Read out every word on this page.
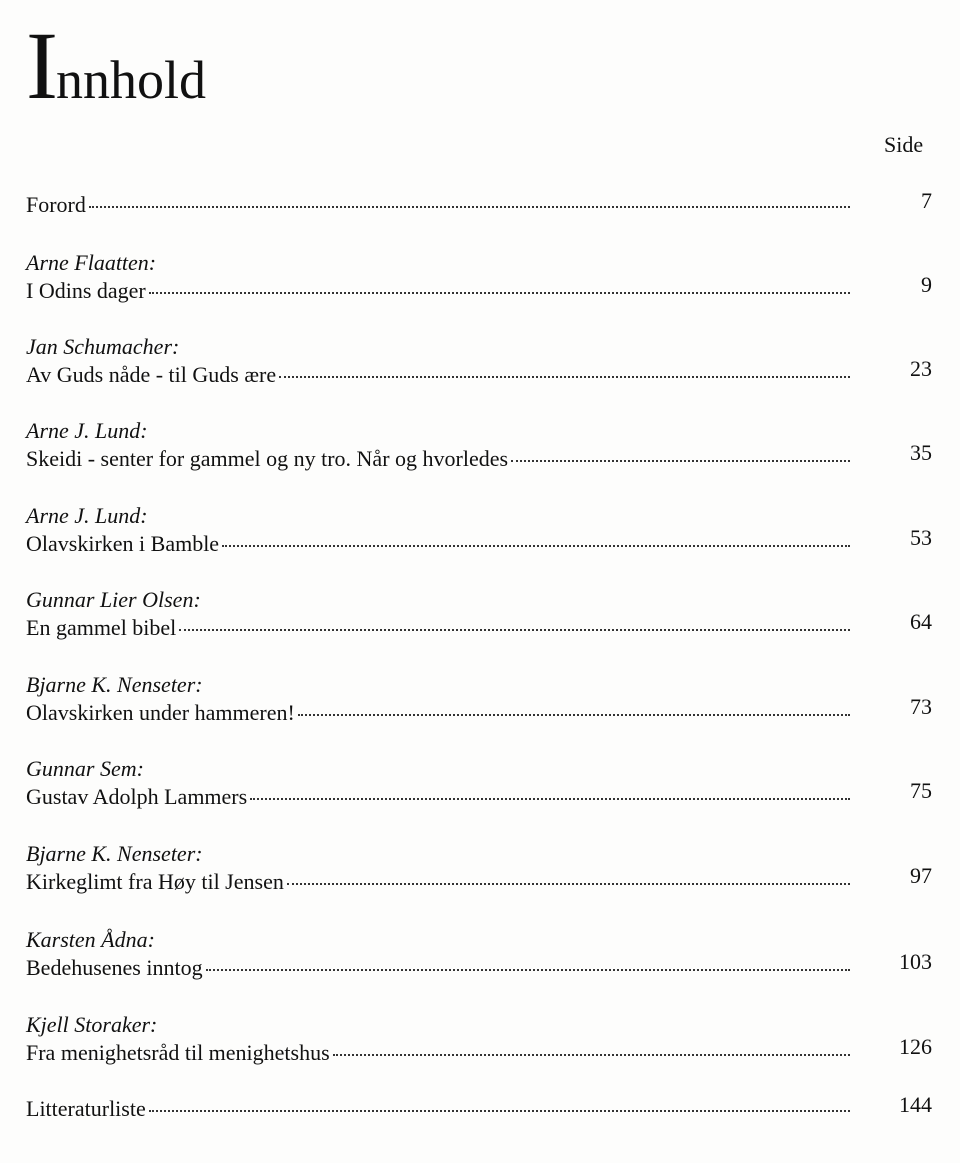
Innhold
Side
Forord	7
Arne Flaatten:
I Odins dager	9
Jan Schumacher:
Av Guds nåde - til Guds ære	23
Arne J. Lund:
Skeidi - senter for gammel og ny tro. Når og hvorledes	35
Arne J. Lund:
Olavskirken i Bamble	53
Gunnar Lier Olsen:
En gammel bibel	64
Bjarne K. Nenseter:
Olavskirken under hammeren!	73
Gunnar Sem:
Gustav Adolph Lammers	75
Bjarne K. Nenseter:
Kirkeglimt fra Høy til Jensen	97
Karsten Ådna:
Bedehusenes inntog	103
Kjell Storaker:
Fra menighetsråd til menighetshus	126
Litteraturliste	144
